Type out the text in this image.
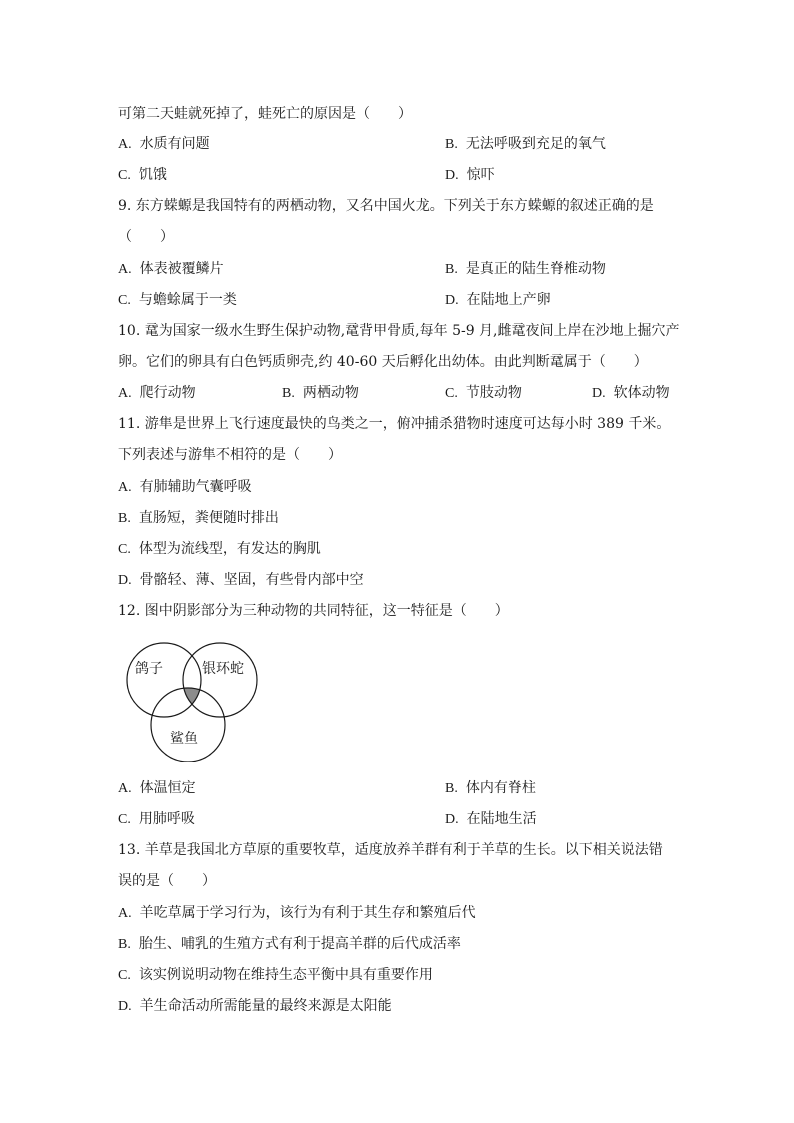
可第二天蛙就死掉了，蛙死亡的原因是（　　）
A. 水质有问题	B. 无法呼吸到充足的氧气
C. 饥饿	D. 惊吓
9. 东方蝾螈是我国特有的两栖动物，又名中国火龙。下列关于东方蝾螈的叙述正确的是
（　　）
A. 体表被覆鳞片	B. 是真正的陆生脊椎动物
C. 与蟾蜍属于一类	D. 在陆地上产卵
10. 鼋为国家一级水生野生保护动物,鼋背甲骨质,每年 5-9 月,雌鼋夜间上岸在沙地上掘穴产
卵。它们的卵具有白色钙质卵壳,约 40-60 天后孵化出幼体。由此判断鼋属于（　　）
A. 爬行动物	B. 两栖动物	C. 节肢动物	D. 软体动物
11. 游隼是世界上飞行速度最快的鸟类之一，俯冲捕杀猎物时速度可达每小时 389 千米。
下列表述与游隼不相符的是（　　）
A. 有肺辅助气囊呼吸
B. 直肠短，粪便随时排出
C. 体型为流线型，有发达的胸肌
D. 骨骼轻、薄、坚固，有些骨内部中空
12. 图中阴影部分为三种动物的共同特征，这一特征是（　　）
鸽子	银环蛇
鲨鱼
A. 体温恒定	B. 体内有脊柱
C. 用肺呼吸	D. 在陆地生活
13. 羊草是我国北方草原的重要牧草，适度放养羊群有利于羊草的生长。以下相关说法错
误的是（　　）
A. 羊吃草属于学习行为，该行为有利于其生存和繁殖后代
B. 胎生、哺乳的生殖方式有利于提高羊群的后代成活率
C. 该实例说明动物在维持生态平衡中具有重要作用
D. 羊生命活动所需能量的最终来源是太阳能
